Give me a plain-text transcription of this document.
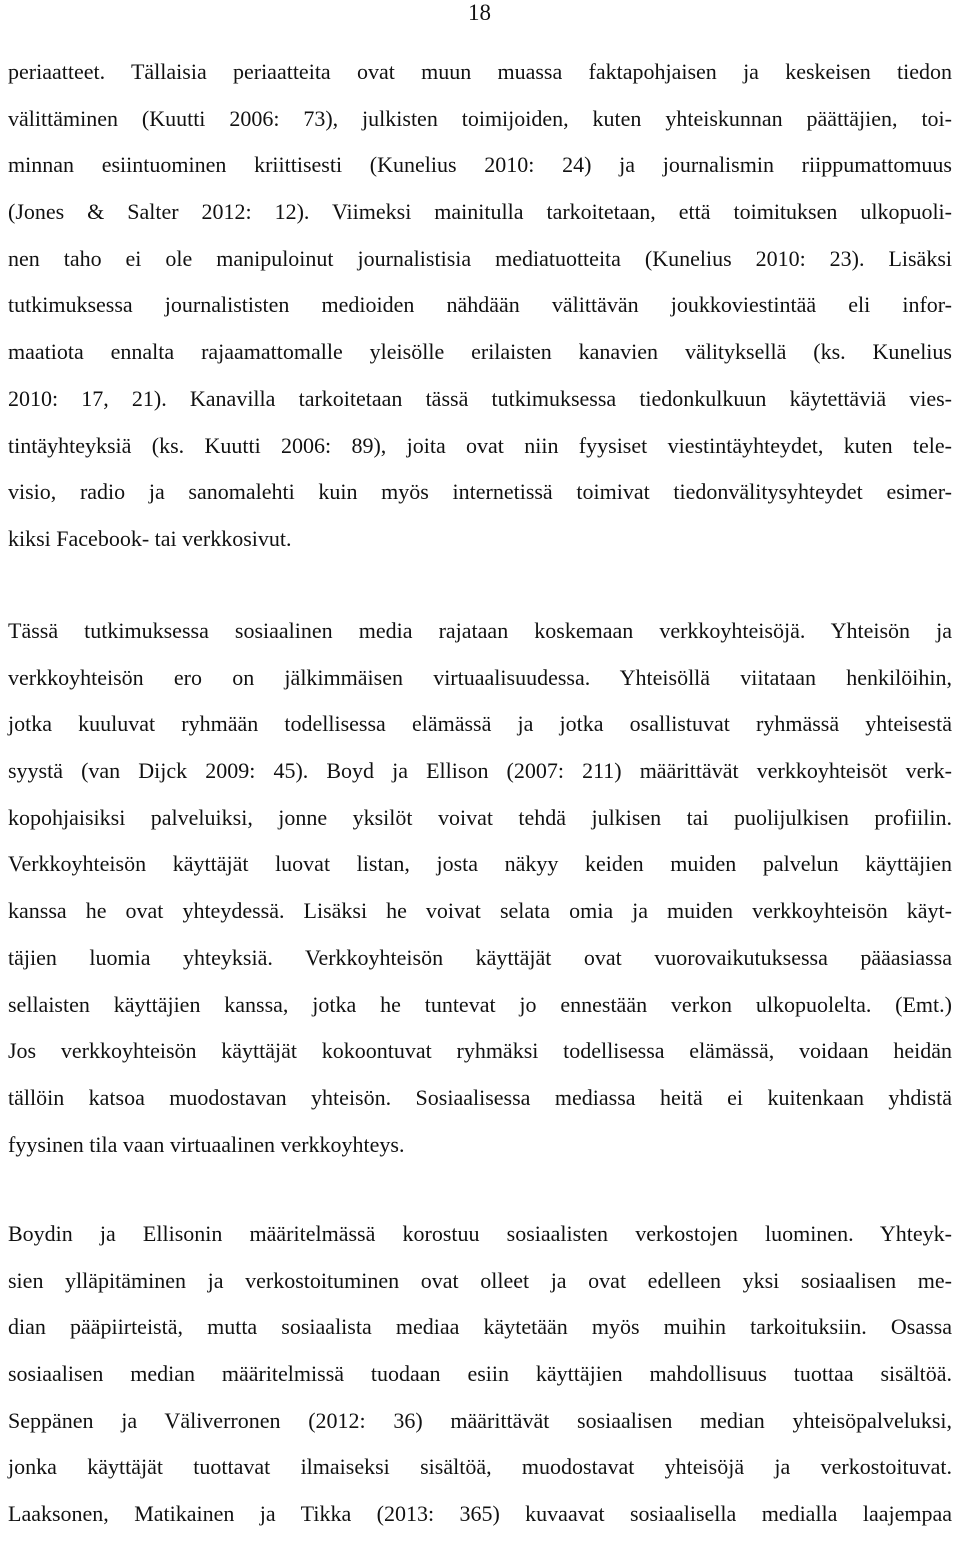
18
periaatteet. Tällaisia periaatteita ovat muun muassa faktapohjaisen ja keskeisen tiedon
välittäminen (Kuutti 2006: 73), julkisten toimijoiden, kuten yhteiskunnan päättäjien, toi-
minnan esiintuominen kriittisesti (Kunelius 2010: 24) ja journalismin riippumattomuus
(Jones & Salter 2012: 12). Viimeksi mainitulla tarkoitetaan, että toimituksen ulkopuoli-
nen taho ei ole manipuloinut journalistisia mediatuotteita (Kunelius 2010: 23). Lisäksi
tutkimuksessa journalististen medioiden nähdään välittävän joukkoviestintää eli infor-
maatiota ennalta rajaamattomalle yleisölle erilaisten kanavien välityksellä (ks. Kunelius
2010: 17, 21). Kanavilla tarkoitetaan tässä tutkimuksessa tiedonkulkuun käytettäviä vies-
tintäyhteyksiä (ks. Kuutti 2006: 89), joita ovat niin fyysiset viestintäyhteydet, kuten tele-
visio, radio ja sanomalehti kuin myös internetissä toimivat tiedonvälitysyhteydet esimer-
kiksi Facebook- tai verkkosivut.
Tässä tutkimuksessa sosiaalinen media rajataan koskemaan verkkoyhteisöjä. Yhteisön ja
verkkoyhteisön ero on jälkimmäisen virtuaalisuudessa. Yhteisöllä viitataan henkilöihin,
jotka kuuluvat ryhmään todellisessa elämässä ja jotka osallistuvat ryhmässä yhteisestä
syystä (van Dijck 2009: 45). Boyd ja Ellison (2007: 211) määrittävät verkkoyhteisöt verk-
kopohjaisiksi palveluiksi, jonne yksilöt voivat tehdä julkisen tai puolijulkisen profiilin.
Verkkoyhteisön käyttäjät luovat listan, josta näkyy keiden muiden palvelun käyttäjien
kanssa he ovat yhteydessä. Lisäksi he voivat selata omia ja muiden verkkoyhteisön käyt-
täjien luomia yhteyksiä. Verkkoyhteisön käyttäjät ovat vuorovaikutuksessa pääasiassa
sellaisten käyttäjien kanssa, jotka he tuntevat jo ennestään verkon ulkopuolelta. (Emt.)
Jos verkkoyhteisön käyttäjät kokoontuvat ryhmäksi todellisessa elämässä, voidaan heidän
tällöin katsoa muodostavan yhteisön. Sosiaalisessa mediassa heitä ei kuitenkaan yhdistä
fyysinen tila vaan virtuaalinen verkkoyhteys.
Boydin ja Ellisonin määritelmässä korostuu sosiaalisten verkostojen luominen. Yhteyk-
sien ylläpitäminen ja verkostoituminen ovat olleet ja ovat edelleen yksi sosiaalisen me-
dian pääpiirteistä, mutta sosiaalista mediaa käytetään myös muihin tarkoituksiin. Osassa
sosiaalisen median määritelmissä tuodaan esiin käyttäjien mahdollisuus tuottaa sisältöä.
Seppänen ja Väliverronen (2012: 36) määrittävät sosiaalisen median yhteisöpalveluksi,
jonka käyttäjät tuottavat ilmaiseksi sisältöä, muodostavat yhteisöjä ja verkostoituvat.
Laaksonen, Matikainen ja Tikka (2013: 365) kuvaavat sosiaalisella medialla laajempaa
